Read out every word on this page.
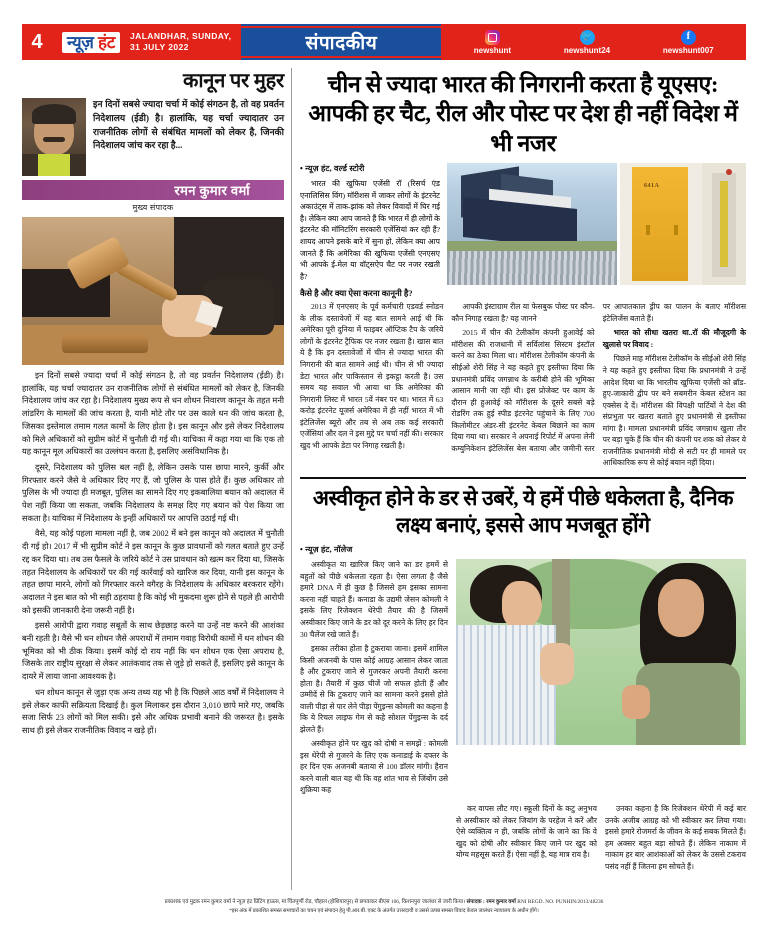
4	न्यूज़ हंट	JALANDHAR, SUNDAY,
31 JULY 2022	संपादकीय	newshunt
🐦
newshunt24
f
newshunt007
कानून पर मुहर
इन दिनों सबसे ज्यादा चर्चा में कोई संगठन है, तो वह प्रवर्तन निदेशालय (ईडी) है। हालांकि, यह चर्चा ज्यादातर उन राजनीतिक लोगों से संबंधित मामलों को लेकर है, जिनकी निदेशालय जांच कर रहा है...
रमन कुमार वर्मा
मुख्य संपादक

इन दिनों सबसे ज्यादा चर्चा में कोई संगठन है, तो वह प्रवर्तन निदेशालय (ईडी) है। हालांकि, यह चर्चा ज्यादातर उन राजनीतिक लोगों से संबंधित मामलों को लेकर है, जिनकी निदेशालय जांच कर रहा है। निदेशालय मुख्य रूप से धन शोधन निवारण कानून के तहत मनी लांडरिंग के मामलों की जांच करता है, यानी मोटे तौर पर उस काले धन की जांच करता है, जिसका इस्तेमाल तमाम गलत कामों के लिए होता है। इस कानून और इसे लेकर निदेशालय को मिले अधिकारों को सुप्रीम कोर्ट में चुनौती दी गई थी। याचिका में कहा गया था कि एक तो यह कानून मूल अधिकारों का उल्लंघन करता है, इसलिए असंविधानिक है।

दूसरे, निदेशालय को पुलिस बल नहीं है, लेकिन उसके पास छापा मारने, कुर्की और गिरफ्तार करने जैसे वे अधिकार दिए गए हैं, जो पुलिस के पास होते हैं। कुछ अधिकार तो पुलिस के भी ज्यादा ही मजबूत, पुलिस का सामने दिए गए इकबालिया बयान को अदालत में पेश नहीं किया जा सकता, जबकि निदेशालय के समक्ष दिए गए बयान को पेश किया जा सकता है। याचिका में निदेशालय के इन्हीं अधिकारों पर आपत्ति उठाई गई थी।

वैसे, यह कोई पहला मामला नहीं है, जब 2002 में बने इस कानून को अदालत में चुनौती दी गई हो। 2017 में भी सुप्रीम कोर्ट ने इस कानून के कुछ प्रावधानों को गलत बताते हुए उन्हें रद्द कर दिया था। तब उस फैसले के जरिये कोर्ट ने उस प्रावधान को खत्म कर दिया था, जिसके तहत निदेशालय के अधिकारों पर की गई कार्रवाई को खारिज कर दिया, यानी इस कानून के तहत छापा मारने, लोगों को गिरफ्तार करने वगैरह के निदेशालय के अधिकार बरकरार रहेंगे। अदालत ने इस बात को भी सही ठहराया है कि कोई भी मुकदमा शुरू होने से पहले ही आरोपी को इसकी जानकारी देना जरूरी नहीं है।

इससे आरोपी द्वारा गवाह सबूतों के साथ छेड़छाड़ करने या उन्हें नष्ट करने की आशंका बनी रहती है। वैसे भी धन शोधन जैसे अपराधों में तमाम गवाह विरोधी कामों में धन शोधन की भूमिका को भी ठीक किया। इसमें कोई दो राय नहीं कि धन शोधन एक ऐसा अपराध है, जिसके तार राष्ट्रीय सुरक्षा से लेकर आतंकवाद तक से जुड़े हो सकते हैं, इसलिए इसे कानून के दायरे में लाया जाना आवश्यक है।

धन शोधन कानून से जुड़ा एक अन्य तथ्य यह भी है कि पिछले आठ वर्षों में निदेशालय ने इसे लेकर काफी सक्रियता दिखाई है। कुल मिलाकर इस दौरान 3,010 छापे मारे गए, जबकि सजा सिर्फ 23 लोगों को मिल सकी। इसे और अधिक प्रभावी बनाने की जरूरत है। इसके साथ ही इसे लेकर राजनीतिक विवाद न खड़े हों।

चीन से ज्यादा भारत की निगरानी करता है यूएसए: आपकी हर चैट, रील और पोस्ट पर देश ही नहीं विदेश में भी नजर
• न्यूज़ हंट, वर्ल्ड स्टोरी

भारत की खुफिया एजेंसी रॉ (रिसर्च एंड एनालिसिस विंग) मॉरीशस में जाकर लोगों के इंटरनेट अकाउंट्स में ताक-झांक को लेकर विवादों में घिर गई है। लेकिन क्या आप जानते हैं कि भारत में ही लोगों के इंटरनेट की मॉनिटरिंग सरकारी एजेंसियां कर रही हैं? शायद आपने इसके बारे में सुना हो, लेकिन क्या आप जानते हैं कि अमेरिका की खुफिया एजेंसी एनएसए भी आपके ई-मेल या वॉट्सऐप चैट पर नजर रखती है?

641A
कैसे है और क्या ऐसा करना कानूनी है?

2013 में एनएसए के पूर्व कर्मचारी एडवर्ड स्नोडन के लीक दस्तावेजों में यह बात सामने आई थी कि अमेरिका पूरी दुनिया में फाइबर ऑप्टिक टैप के जरिये लोगों के इंटरनेट ट्रैफिक पर नजर रखता है। खास बात ये है कि इन दस्तावेजों में चीन से ज्यादा भारत की निगरानी की बात सामने आई थी। चीन से भी ज्यादा डेटा भारत और पाकिस्तान से इकट्ठा करती है। उस समय यह सवाल भी आया था कि अमेरिका की निगरानी लिस्ट में भारत 5वें नंबर पर था। भारत में 63 करोड़ इंटरनेट यूजर्स अमेरिका में ही नहीं भारत में भी इंटेलिजेंस ब्यूरो और तब से अब तक कई सरकारी एजेंसियां और दल ने इस मुद्दे पर चर्चा नहीं की। सरकार खुद भी आपके डेटा पर निगाह रखती है।

आपकी इंस्टाग्राम रील या फेसबुक पोस्ट पर कौन-कौन निगाह रखता है? यह जानने

2015 में चीन की टेलीकॉम कंपनी हुआवेई को मॉरीशस की राजधानी में सर्विलांस सिस्टम इंस्टॉल करने का ठेका मिला था। मॉरीशस टेलीकॉम कंपनी के सीईओ शेरी सिंह ने यह कहते हुए इस्तीफा दिया कि प्रधानमंत्री प्रविंद जगन्नाथ के करीबी होने की भूमिका आसान मानी जा रही थी। इस प्रोजेक्ट पर काम के दौरान ही हुआवेई को मॉरीशस के दूसरे सबसे बड़े रोडरिंग तक हुई स्पीड इंटरनेट पहुंचाने के लिए 700 किलोमीटर अंडर-सी इंटरनेट केबल बिछाने का काम दिया गया था। सरकार ने अपनाई रिपोर्ट में अपना लेनी कम्युनिकेशन इंटेलिजेंस बेस बताया और जमीनी स्तर पर आपातकाल ड्रीप का पालन के बताए मॉरीशस इंटेलिजेंस बताते हैं।

भारत को सीधा खतरा था..रॉ की मौजूदगी के खुलासे पर विवाद :

पिछले माह मॉरीशस टेलीकॉम के सीईओ शेरी सिंह ने यह कहते हुए इस्तीफा दिया कि प्रधानमंत्री ने उन्हें आदेश दिया था कि भारतीय खुफिया एजेंसी को ब्रॉड-हुए-जाकारी द्वीप पर बने सबमरीन केबल स्टेशन का एक्सेस दे दें। मॉरीशस की विपक्षी पार्टियों ने देश की संप्रभुता पर खतरा बताते हुए प्रधानमंत्री से इस्तीफा मांगा है। मामला प्रधानमंत्री प्रविंद जगन्नाथ खुला तौर पर बड़ा चुके हैं कि चीन की कंपनी पर शक को लेकर ये राजनीतिक प्रधानमंत्री मोदी से सटी पर ही मामले पर आधिकारिक रूप से कोई बयान नहीं दिया।

अस्वीकृत होने के डर से उबरें, ये हमें पीछे धकेलता है, दैनिक लक्ष्य बनाएं, इससे आप मजबूत होंगे
• न्यूज़ हंट, नॉलेज

अस्वीकृत या खारिज किए जाने का डर हममें से बहुतों को पीछे धकेलता रहता है। ऐसा लगता है जैसे हमारे DNA में ही कुछ है जिससे हम इसका सामना करना नहीं चाहते हैं। कनाडा के उद्यमी जेसन कोमली ने इसके लिए रिजेक्शन थेरेपी तैयार की है जिसमें अस्वीकार किए जाने के डर को दूर करने के लिए हर दिन 30 चैलेंज रखे जाते हैं।

इसका तरीका होता है टुकराया जाना। इसमें शामिल किसी अजनबी के पास कोई आग्रह आसान लेकर जाता है और टुकराए जाने से गुजरकर अपनी तैयारी करना होता है। तैयारी में कुछ चीजें जो सफल होती हैं और उम्मीदें से कि टुकराए जाने का सामना करने इससे होते वाली पीड़ा से पार लेने पीड़ा पेंगुइन्स कोमली का कहना है कि ये रिचल लाइफ गेम से कहे सोशल पेंगुइन्स के दर्द झेलते हैं।

अस्वीकृत होने पर खुद को दोषी न समझें : कोमली इस थेरेपी से गुजरने के लिए एक कनाडाई के दफ्तर के हर दिन एक अजनबी बताया से 100 डॉलर मांगी। हैरान करने वाली बात यह थी कि वह शांत भाव से जिंबोंग उसे शुक्रिया कह

कर वापस लौट गए। स्कूली दिनों के कटु अनुभव से अस्वीकार को लेकर जियांग के परहेज ने करें और ऐसे व्यक्तित्व न ही, जबकि लोगों के जाने का कि वे खुद को दोषी और स्वीकार किए जाने पर खुद को योग्य महसूस करते हैं। ऐसा नहीं है, यह मात्र राय है।

उनका कहना है कि रिजेक्शन थेरेपी में कई बार उनके अजीब आग्रह को भी स्वीकार कर लिया गया। इससे हमारे रोजमर्रा के जीवन के कई सबक मिलते हैं। हम अक्सर बहुत बड़ा सोचते हैं। लेकिन नाकाम में नाकाम हर बार आशंकाओं को लेकर के उससे टकराव पसंद नहीं हैं जितना हम सोचते हैं।

प्रकाशक एवं मुद्रक रमन कुमार वर्मा ने न्यूज़ हंट प्रिंटिंग हाऊस, मां चिंतपूर्णी रोड, चौहाल (होशियारपुर) से छपवाकर बीएस 106, किशनपुरा जालंधर से जारी किया। संपादक : रमन कुमार वर्मा RNI REGD. NO. PUNHIN/2013/48236
*इस अंक में प्रकाशित समस्त समाचारों का चयन एवं संपादन हेतु पी.आर.बी. एक्ट के अंतर्गत उत्तरदायी व उससे उत्पन्न समस्त विवाद केवल जालंधर न्यायालय के अधीन होंगे।
